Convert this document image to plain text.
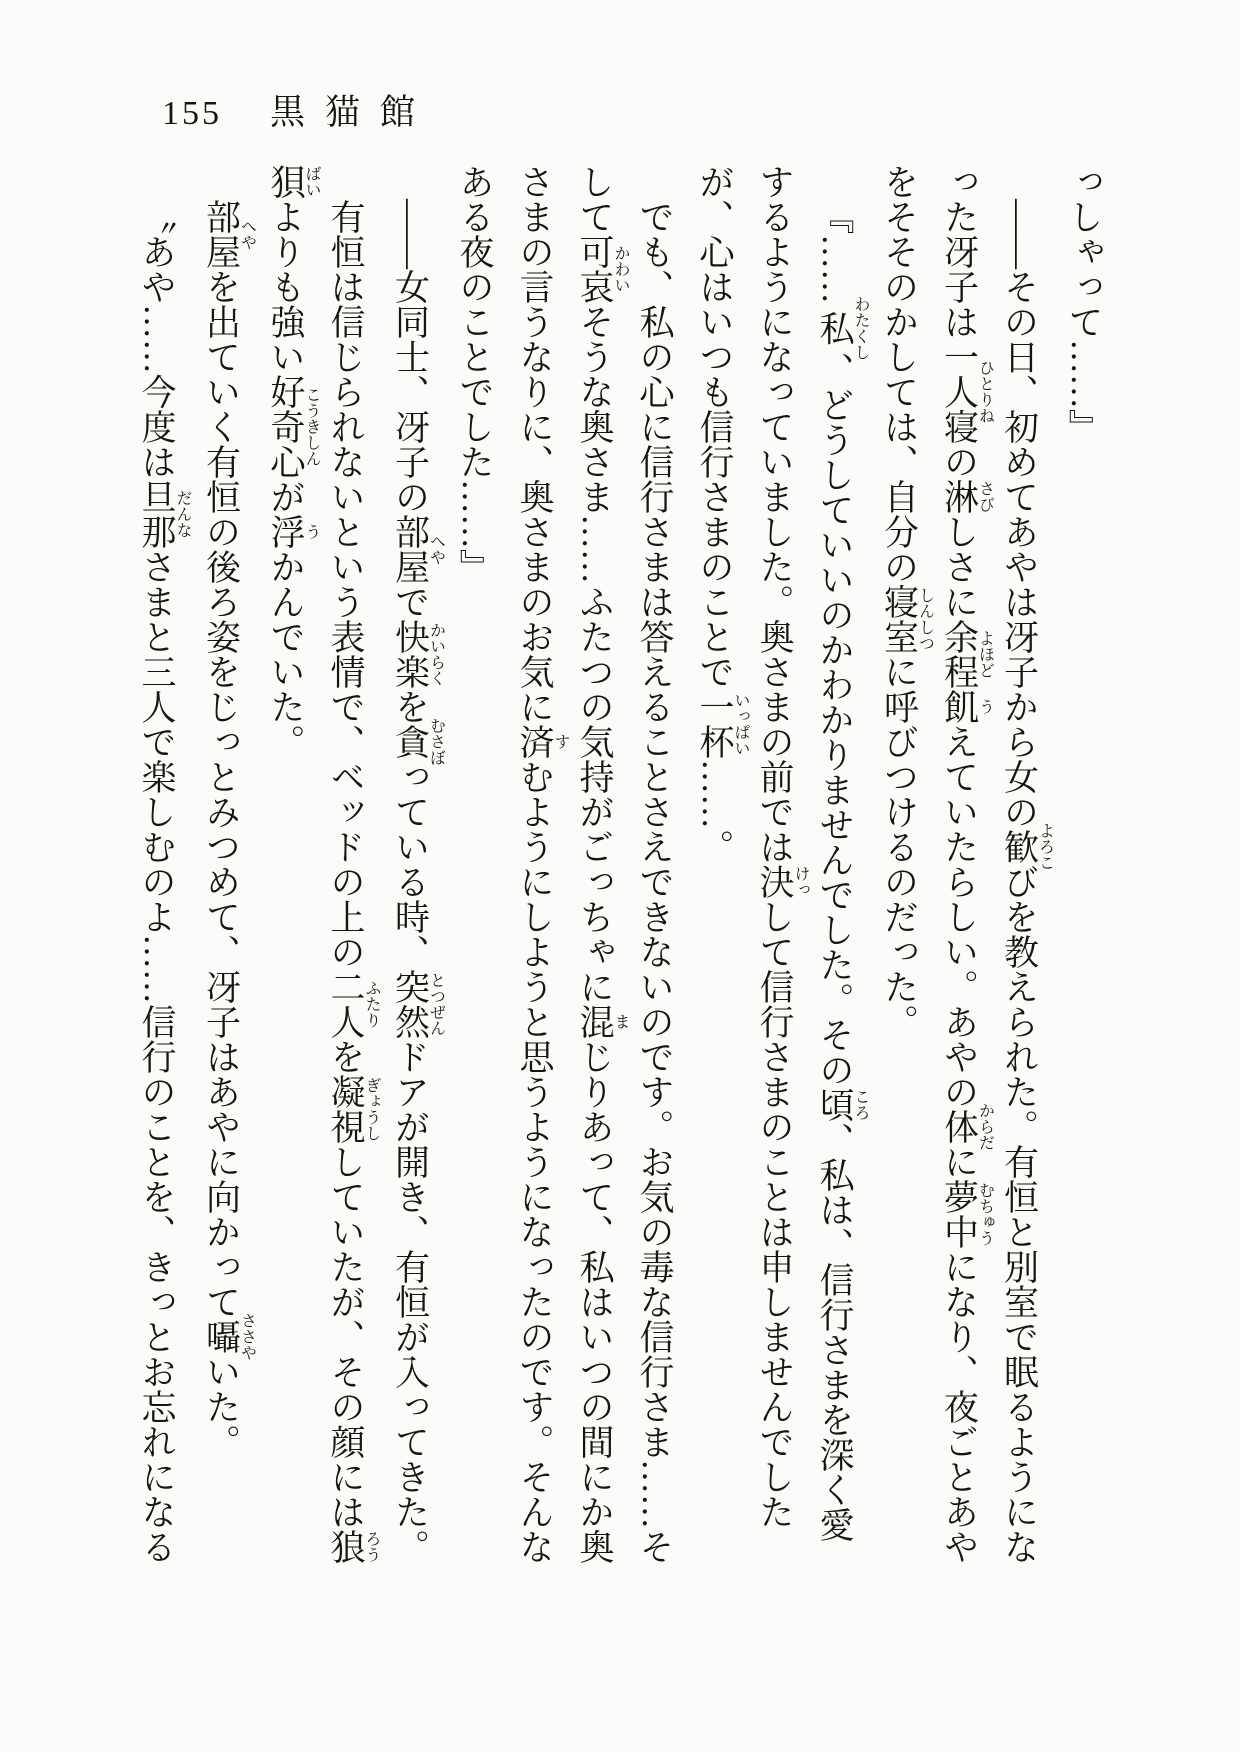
155 黒猫館

っしゃって……』

――その日、初めてあやは冴子から女の歓よろこびを教えられた。有恒と別室で眠るようになった冴子は一人寝ひとりねの淋さびしさに余程よほど飢うえていたらしい。あやの体からだに夢中むちゅうになり、夜ごとあやをそそのかしては、自分の寝室しんしつに呼びつけるのだった。

『……私わたくし、どうしていいのかわかりませんでした。その頃ころ、私は、信行さまを深く愛するようになっていました。奥さまの前では決けっして信行さまのことは申しませんでしたが、心はいつも信行さまのことで一杯いっぱい……。

でも、私の心に信行さまは答えることさえできないのです。お気の毒な信行さま……そして可哀かわいそうな奥さま……ふたつの気持がごっちゃに混まじりあって、私はいつの間にか奥さまの言うなりに、奥さまのお気に済すむようにしようと思うようになったのです。そんなある夜のことでした……』

――女同士、冴子の部屋へやで快楽かいらくを貪むさぼっている時、突然とつぜんドアが開き、有恒が入ってきた。

有恒は信じられないという表情で、ベッドの上の二人ふたりを凝視ぎょうししていたが、その顔には狼ろう狽ばいよりも強い好奇心こうきしんが浮うかんでいた。

部屋へやを出ていく有恒の後ろ姿をじっとみつめて、冴子はあやに向かって囁ささやいた。

〝あや……今度は旦那だんなさまと三人で楽しむのよ……信行のことを、きっとお忘れになる
